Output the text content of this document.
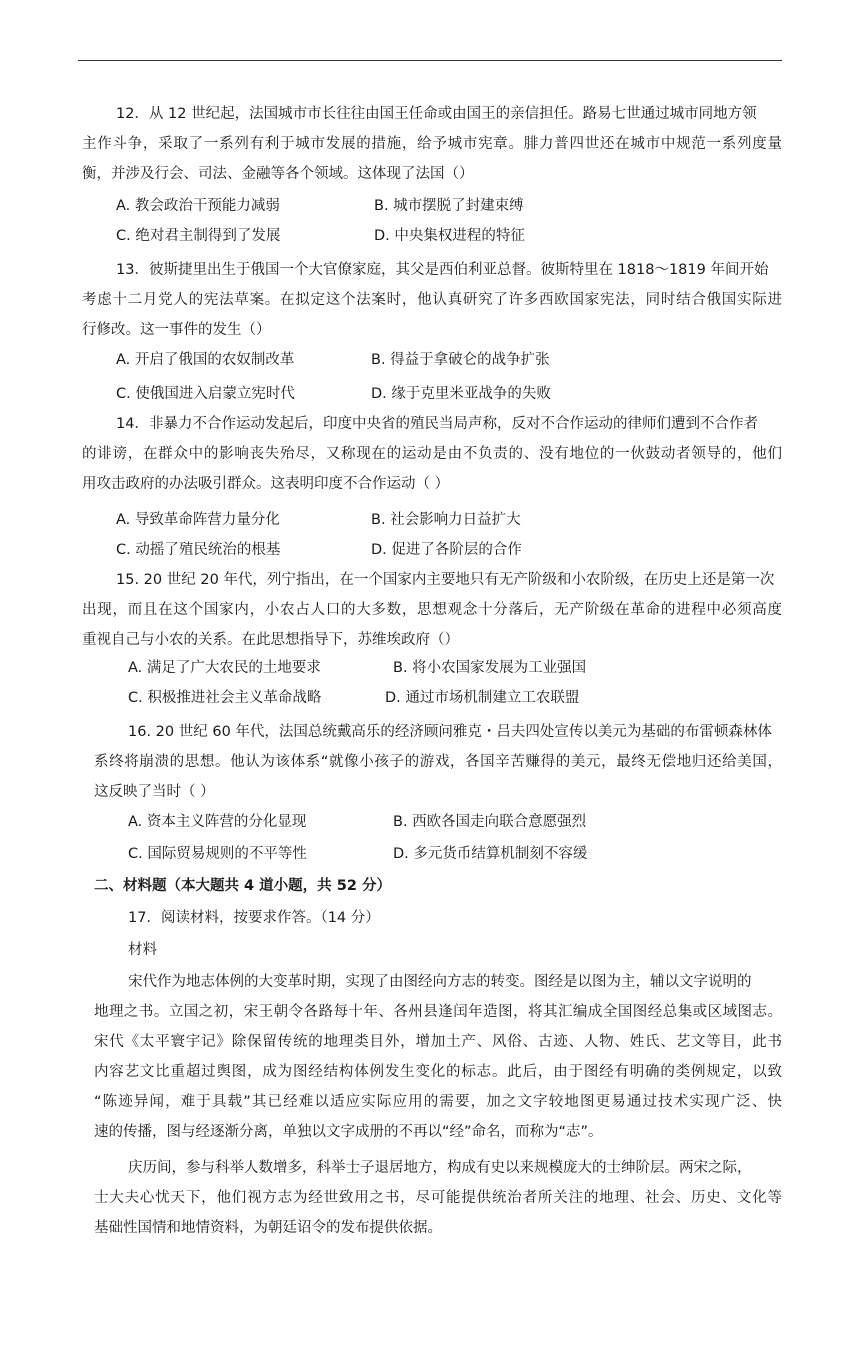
12．从 12 世纪起，法国城市市长往往由国王任命或由国王的亲信担任。路易七世通过城市同地方领
主作斗争，采取了一系列有利于城市发展的措施，给予城市宪章。腓力普四世还在城市中规范一系列度量
衡，并涉及行会、司法、金融等各个领域。这体现了法国（）
A. 教会政治干预能力减弱	B. 城市摆脱了封建束缚
C. 绝对君主制得到了发展	D. 中央集权进程的特征
13．彼斯捷里出生于俄国一个大官僚家庭，其父是西伯利亚总督。彼斯特里在 1818～1819 年间开始
考虑十二月党人的宪法草案。在拟定这个法案时，他认真研究了许多西欧国家宪法，同时结合俄国实际进
行修改。这一事件的发生（）
A. 开启了俄国的农奴制改革	B. 得益于拿破仑的战争扩张
C. 使俄国进入启蒙立宪时代	D. 缘于克里米亚战争的失败
14．非暴力不合作运动发起后，印度中央省的殖民当局声称，反对不合作运动的律师们遭到不合作者
的诽谤，在群众中的影响丧失殆尽，又称现在的运动是由不负责的、没有地位的一伙鼓动者领导的，他们
用攻击政府的办法吸引群众。这表明印度不合作运动（ ）
A. 导致革命阵营力量分化	B. 社会影响力日益扩大
C. 动摇了殖民统治的根基	D. 促进了各阶层的合作
15. 20 世纪 20 年代，列宁指出，在一个国家内主要地只有无产阶级和小农阶级，在历史上还是第一次
出现，而且在这个国家内，小农占人口的大多数，思想观念十分落后，无产阶级在革命的进程中必须高度
重视自己与小农的关系。在此思想指导下，苏维埃政府（）
A. 满足了广大农民的土地要求	B. 将小农国家发展为工业强国
C. 积极推进社会主义革命战略	D. 通过市场机制建立工农联盟
16. 20 世纪 60 年代，法国总统戴高乐的经济顾问雅克・吕夫四处宣传以美元为基础的布雷顿森林体
系终将崩溃的思想。他认为该体系“就像小孩子的游戏，各国辛苦赚得的美元，最终无偿地归还给美国，
这反映了当时（ ）
A. 资本主义阵营的分化显现	B. 西欧各国走向联合意愿强烈
C. 国际贸易规则的不平等性	D. 多元货币结算机制刻不容缓
二、材料题（本大题共 4 道小题，共 52 分）
17．阅读材料，按要求作答。（14 分）
材料
宋代作为地志体例的大变革时期，实现了由图经向方志的转变。图经是以图为主，辅以文字说明的
地理之书。立国之初，宋王朝令各路每十年、各州县逢闰年造图，将其汇编成全国图经总集或区域图志。
宋代《太平寰宇记》除保留传统的地理类目外，增加土产、风俗、古迹、人物、姓氏、艺文等目，此书
内容艺文比重超过舆图，成为图经结构体例发生变化的标志。此后，由于图经有明确的类例规定，以致
“陈迹异闻，难于具载”其已经难以适应实际应用的需要，加之文字较地图更易通过技术实现广泛、快
速的传播，图与经逐渐分离，单独以文字成册的不再以“经”命名，而称为“志”。
庆历间，参与科举人数增多，科举士子退居地方，构成有史以来规模庞大的士绅阶层。两宋之际，
士大夫心忧天下，他们视方志为经世致用之书，尽可能提供统治者所关注的地理、社会、历史、文化等
基础性国情和地情资料，为朝廷诏令的发布提供依据。
